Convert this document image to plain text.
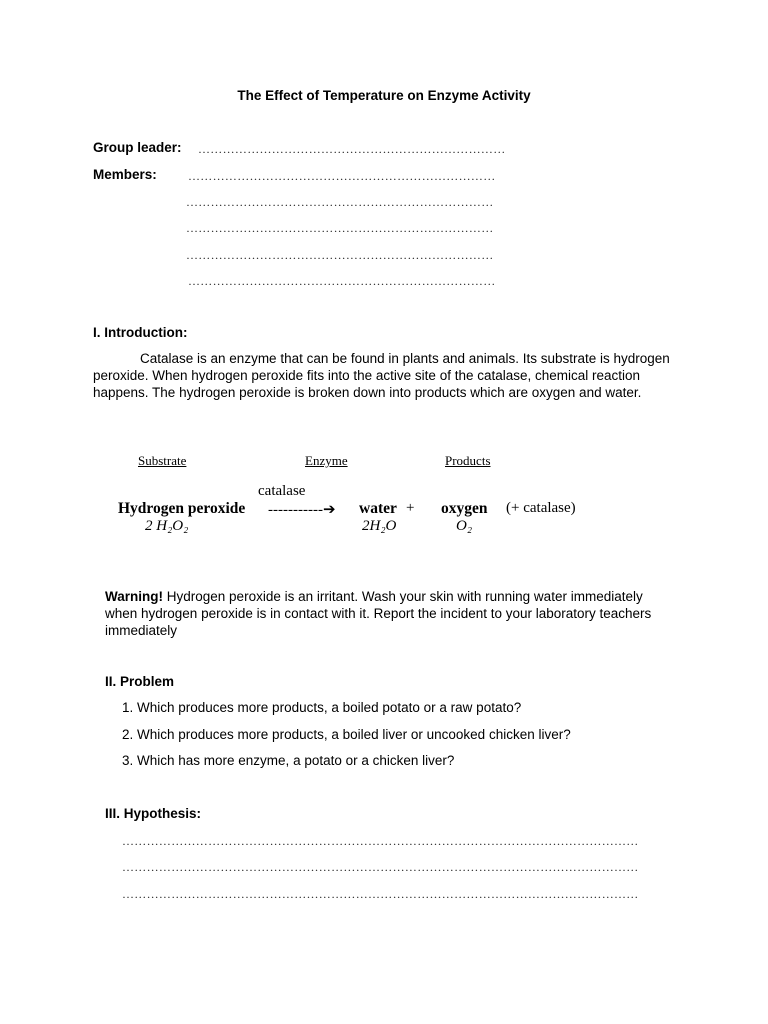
The Effect of Temperature on Enzyme Activity
Group leader: …………………………………………………………………
Members:	…………………………………………………………………
…………………………………………………………………
…………………………………………………………………
…………………………………………………………………
…………………………………………………………………
I. Introduction:
Catalase is an enzyme that can be found in plants and animals. Its substrate is hydrogen peroxide. When hydrogen peroxide fits into the active site of the catalase, chemical reaction happens. The hydrogen peroxide is broken down into products which are oxygen and water.
Substrate	Enzyme	Products
catalase
Hydrogen peroxide -----------➔ water + oxygen (+ catalase)
2 H₂O₂	2H₂O	O₂
Warning! Hydrogen peroxide is an irritant. Wash your skin with running water immediately when hydrogen peroxide is in contact with it. Report the incident to your laboratory teachers immediately
II. Problem
1. Which produces more products, a boiled potato or a raw potato?
2. Which produces more products, a boiled liver or uncooked chicken liver?
3. Which has more enzyme, a potato or a chicken liver?
III. Hypothesis:
………………………………………………………………………………………………………………
………………………………………………………………………………………………………………
………………………………………………………………………………………………………………
